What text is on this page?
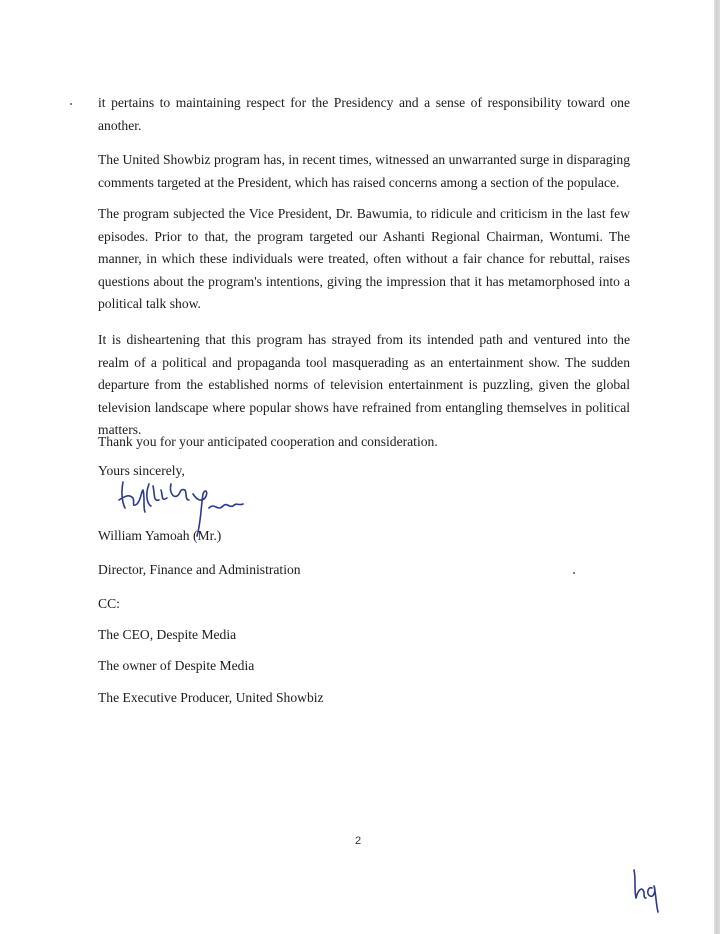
it pertains to maintaining respect for the Presidency and a sense of responsibility toward one another.

The United Showbiz program has, in recent times, witnessed an unwarranted surge in disparaging comments targeted at the President, which has raised concerns among a section of the populace.

The program subjected the Vice President, Dr. Bawumia, to ridicule and criticism in the last few episodes. Prior to that, the program targeted our Ashanti Regional Chairman, Wontumi. The manner, in which these individuals were treated, often without a fair chance for rebuttal, raises questions about the program's intentions, giving the impression that it has metamorphosed into a political talk show.

It is disheartening that this program has strayed from its intended path and ventured into the realm of a political and propaganda tool masquerading as an entertainment show. The sudden departure from the established norms of television entertainment is puzzling, given the global television landscape where popular shows have refrained from entangling themselves in political matters.

Thank you for your anticipated cooperation and consideration.

Yours sincerely,
William Yamoah (Mr.)
Director, Finance and Administration
CC:
The CEO, Despite Media
The owner of Despite Media
The Executive Producer, United Showbiz
2
